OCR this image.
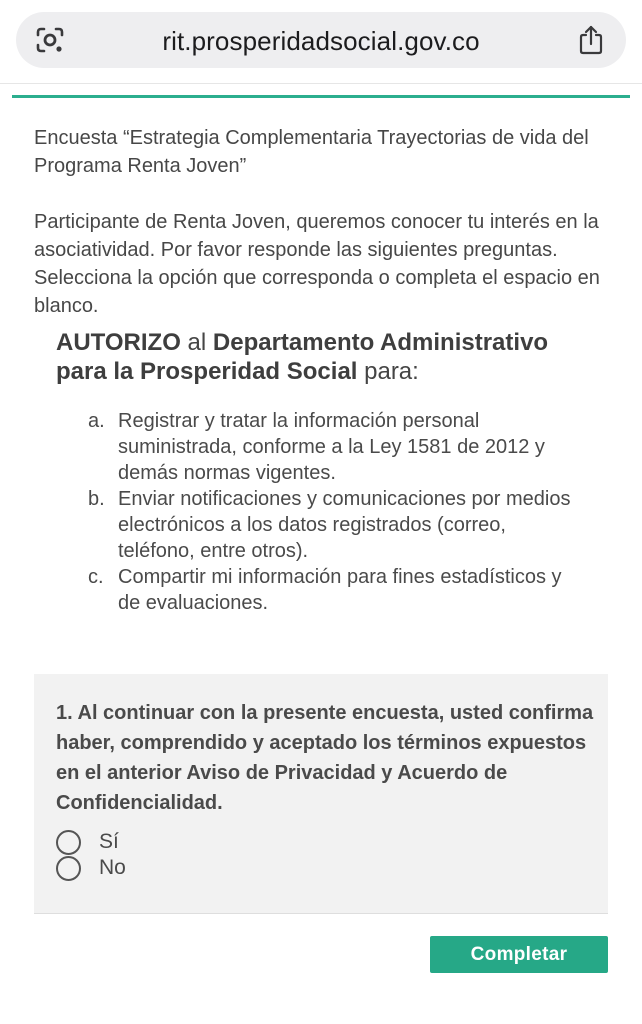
rit.prosperidadsocial.gov.co

Encuesta “Estrategia Complementaria Trayectorias de vida del Programa Renta Joven”

Participante de Renta Joven, queremos conocer tu interés en la asociatividad. Por favor responde las siguientes preguntas. Selecciona la opción que corresponda o completa el espacio en blanco.

AUTORIZO al Departamento Administrativo para la Prosperidad Social para:

a. Registrar y tratar la información personal suministrada, conforme a la Ley 1581 de 2012 y demás normas vigentes.
b. Enviar notificaciones y comunicaciones por medios electrónicos a los datos registrados (correo, teléfono, entre otros).
c. Compartir mi información para fines estadísticos y de evaluaciones.

1. Al continuar con la presente encuesta, usted confirma haber, comprendido y aceptado los términos expuestos en el anterior Aviso de Privacidad y Acuerdo de Confidencialidad.

Sí
No
Completar
